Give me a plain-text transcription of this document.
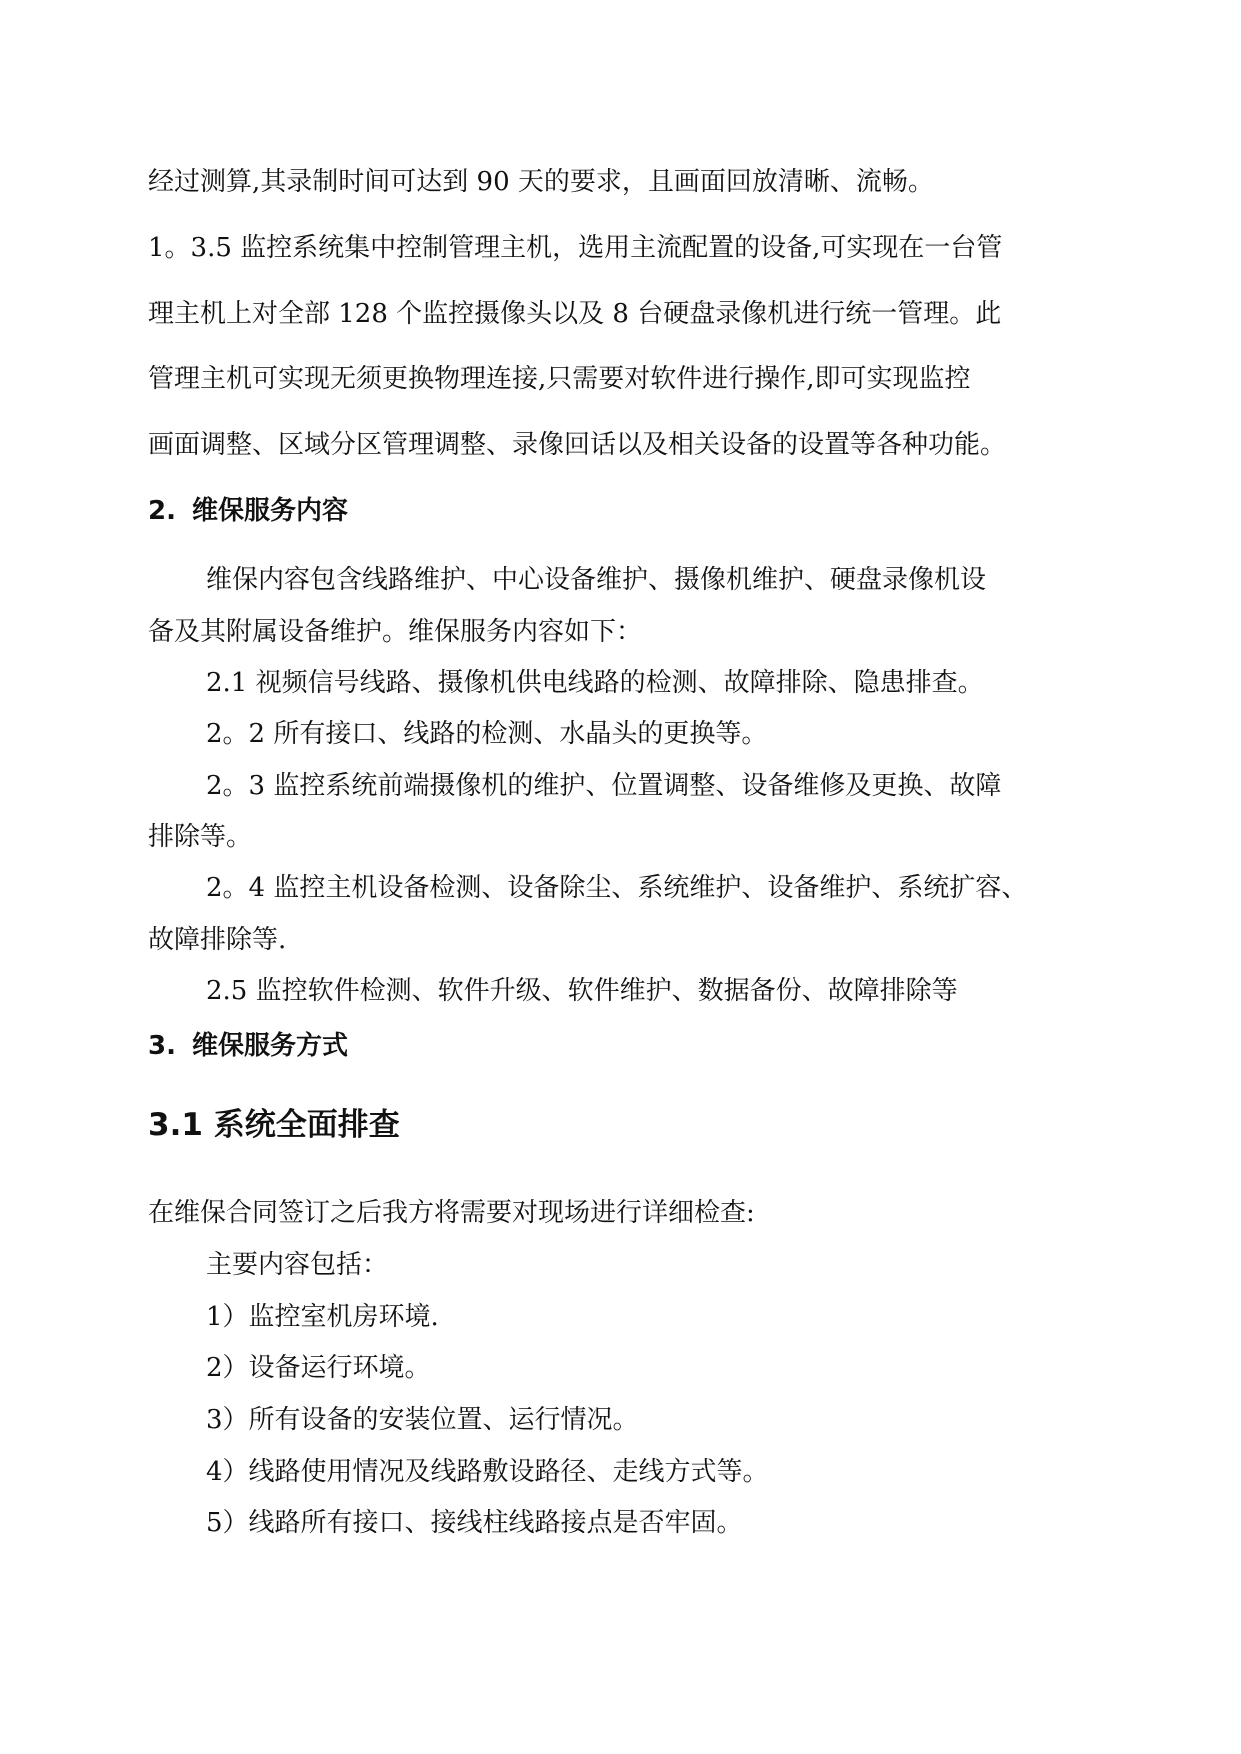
经过测算,其录制时间可达到 90 天的要求，且画面回放清晰、流畅。

1。3.5 监控系统集中控制管理主机，选用主流配置的设备,可实现在一台管

理主机上对全部 128 个监控摄像头以及 8 台硬盘录像机进行统一管理。此

管理主机可实现无须更换物理连接,只需要对软件进行操作,即可实现监控

画面调整、区域分区管理调整、录像回话以及相关设备的设置等各种功能。

2. 维保服务内容

维保内容包含线路维护、中心设备维护、摄像机维护、硬盘录像机设

备及其附属设备维护。维保服务内容如下：

2.1 视频信号线路、摄像机供电线路的检测、故障排除、隐患排查。

2。2 所有接口、线路的检测、水晶头的更换等。

2。3 监控系统前端摄像机的维护、位置调整、设备维修及更换、故障

排除等。

2。4 监控主机设备检测、设备除尘、系统维护、设备维护、系统扩容、

故障排除等.

2.5 监控软件检测、软件升级、软件维护、数据备份、故障排除等

3. 维保服务方式
3.1 系统全面排查

在维保合同签订之后我方将需要对现场进行详细检查:

主要内容包括：

1）监控室机房环境.

2）设备运行环境。

3）所有设备的安装位置、运行情况。

4）线路使用情况及线路敷设路径、走线方式等。

5）线路所有接口、接线柱线路接点是否牢固。
